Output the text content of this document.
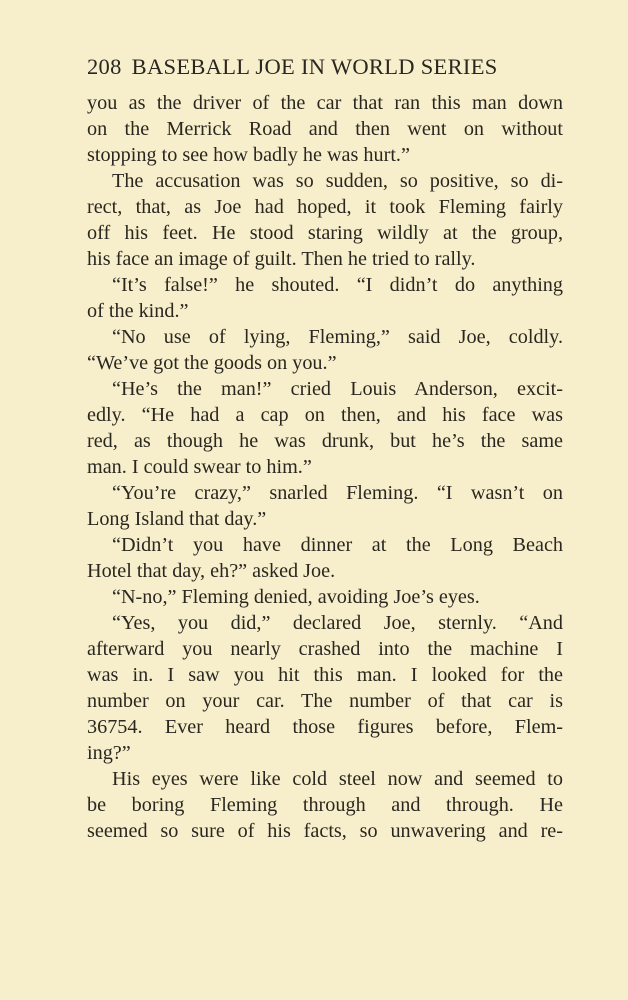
208 BASEBALL JOE IN WORLD SERIES
you as the driver of the car that ran this man down
on the Merrick Road and then went on without
stopping to see how badly he was hurt.”
The accusation was so sudden, so positive, so di-
rect, that, as Joe had hoped, it took Fleming fairly
off his feet. He stood staring wildly at the group,
his face an image of guilt. Then he tried to rally.
“It’s false!” he shouted. “I didn’t do anything
of the kind.”
“No use of lying, Fleming,” said Joe, coldly.
“We’ve got the goods on you.”
“He’s the man!” cried Louis Anderson, excit-
edly. “He had a cap on then, and his face was
red, as though he was drunk, but he’s the same
man. I could swear to him.”
“You’re crazy,” snarled Fleming. “I wasn’t on
Long Island that day.”
“Didn’t you have dinner at the Long Beach
Hotel that day, eh?” asked Joe.
“N-no,” Fleming denied, avoiding Joe’s eyes.
“Yes, you did,” declared Joe, sternly. “And
afterward you nearly crashed into the machine I
was in. I saw you hit this man. I looked for the
number on your car. The number of that car is
36754. Ever heard those figures before, Flem-
ing?”
His eyes were like cold steel now and seemed to
be boring Fleming through and through. He
seemed so sure of his facts, so unwavering and re-
